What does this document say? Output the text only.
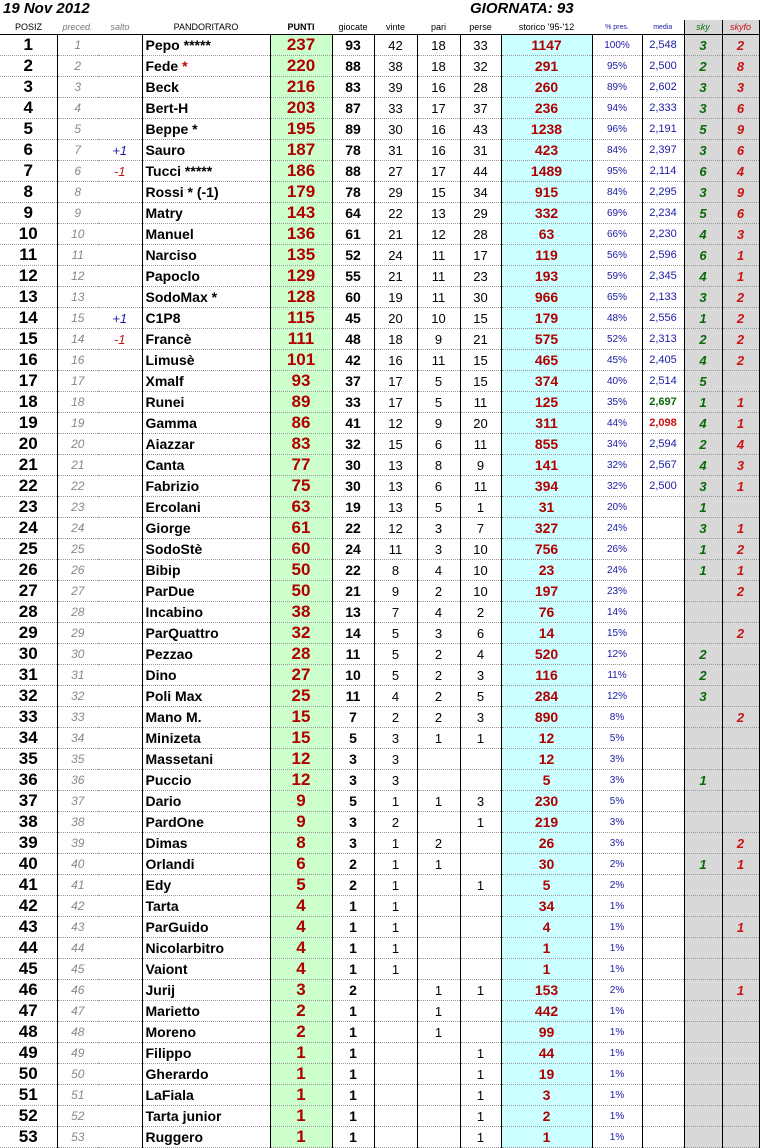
19 Nov 2012	GIORNATA: 93
POSIZ	preced.	salto	PANDORITARO	PUNTI	giocate	vinte	pari	perse	storico '95-'12	% pres.	media	sky	skyfo
1	1		Pepo *****	237	93	42	18	33	1147	100%	2,548	3	2
2	2		Fede *	220	88	38	18	32	291	95%	2,500	2	8
3	3		Beck	216	83	39	16	28	260	89%	2,602	3	3
4	4		Bert-H	203	87	33	17	37	236	94%	2,333	3	6
5	5		Beppe *	195	89	30	16	43	1238	96%	2,191	5	9
6	7	+1	Sauro	187	78	31	16	31	423	84%	2,397	3	6
7	6	-1	Tucci *****	186	88	27	17	44	1489	95%	2,114	6	4
8	8		Rossi * (-1)	179	78	29	15	34	915	84%	2,295	3	9
9	9		Matry	143	64	22	13	29	332	69%	2,234	5	6
10	10		Manuel	136	61	21	12	28	63	66%	2,230	4	3
11	11		Narciso	135	52	24	11	17	119	56%	2,596	6	1
12	12		Papoclo	129	55	21	11	23	193	59%	2,345	4	1
13	13		SodoMax *	128	60	19	11	30	966	65%	2,133	3	2
14	15	+1	C1P8	115	45	20	10	15	179	48%	2,556	1	2
15	14	-1	Francè	111	48	18	9	21	575	52%	2,313	2	2
16	16		Limusè	101	42	16	11	15	465	45%	2,405	4	2
17	17		Xmalf	93	37	17	5	15	374	40%	2,514	5	
18	18		Runei	89	33	17	5	11	125	35%	2,697	1	1
19	19		Gamma	86	41	12	9	20	311	44%	2,098	4	1
20	20		Aiazzar	83	32	15	6	11	855	34%	2,594	2	4
21	21		Canta	77	30	13	8	9	141	32%	2,567	4	3
22	22		Fabrizio	75	30	13	6	11	394	32%	2,500	3	1
23	23		Ercolani	63	19	13	5	1	31	20%		1	
24	24		Giorge	61	22	12	3	7	327	24%		3	1
25	25		SodoStè	60	24	11	3	10	756	26%		1	2
26	26		Bibip	50	22	8	4	10	23	24%		1	1
27	27		ParDue	50	21	9	2	10	197	23%			2
28	28		Incabino	38	13	7	4	2	76	14%			
29	29		ParQuattro	32	14	5	3	6	14	15%			2
30	30		Pezzao	28	11	5	2	4	520	12%		2	
31	31		Dino	27	10	5	2	3	116	11%		2	
32	32		Poli Max	25	11	4	2	5	284	12%		3	
33	33		Mano M.	15	7	2	2	3	890	8%			2
34	34		Minizeta	15	5	3	1	1	12	5%			
35	35		Massetani	12	3	3			12	3%			
36	36		Puccio	12	3	3			5	3%		1	
37	37		Dario	9	5	1	1	3	230	5%			
38	38		PardOne	9	3	2		1	219	3%			
39	39		Dimas	8	3	1	2		26	3%			2
40	40		Orlandi	6	2	1	1		30	2%		1	1
41	41		Edy	5	2	1		1	5	2%			
42	42		Tarta	4	1	1			34	1%			
43	43		ParGuido	4	1	1			4	1%			1
44	44		Nicolarbitro	4	1	1			1	1%			
45	45		Vaiont	4	1	1			1	1%			
46	46		Jurij	3	2		1	1	153	2%			1
47	47		Marietto	2	1		1		442	1%			
48	48		Moreno	2	1		1		99	1%			
49	49		Filippo	1	1			1	44	1%			
50	50		Gherardo	1	1			1	19	1%			
51	51		LaFiala	1	1			1	3	1%			
52	52		Tarta junior	1	1			1	2	1%			
53	53		Ruggero	1	1			1	1	1%			
